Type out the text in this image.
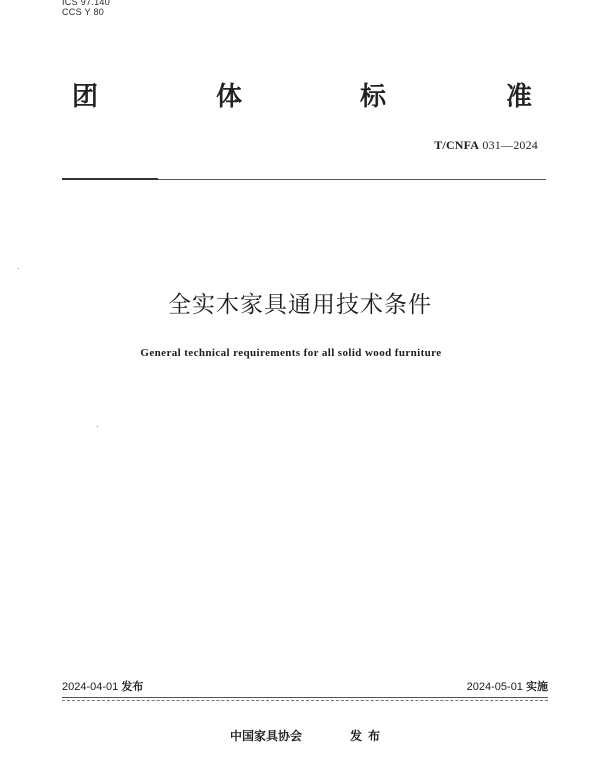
ICS 97.140
CCS Y 80
团	体	标	准
T/CNFA 031—2024
全实木家具通用技术条件
General technical requirements for all solid wood furniture
2024-04-01 发布	2024-05-01 实施
中国家具协会	发布
